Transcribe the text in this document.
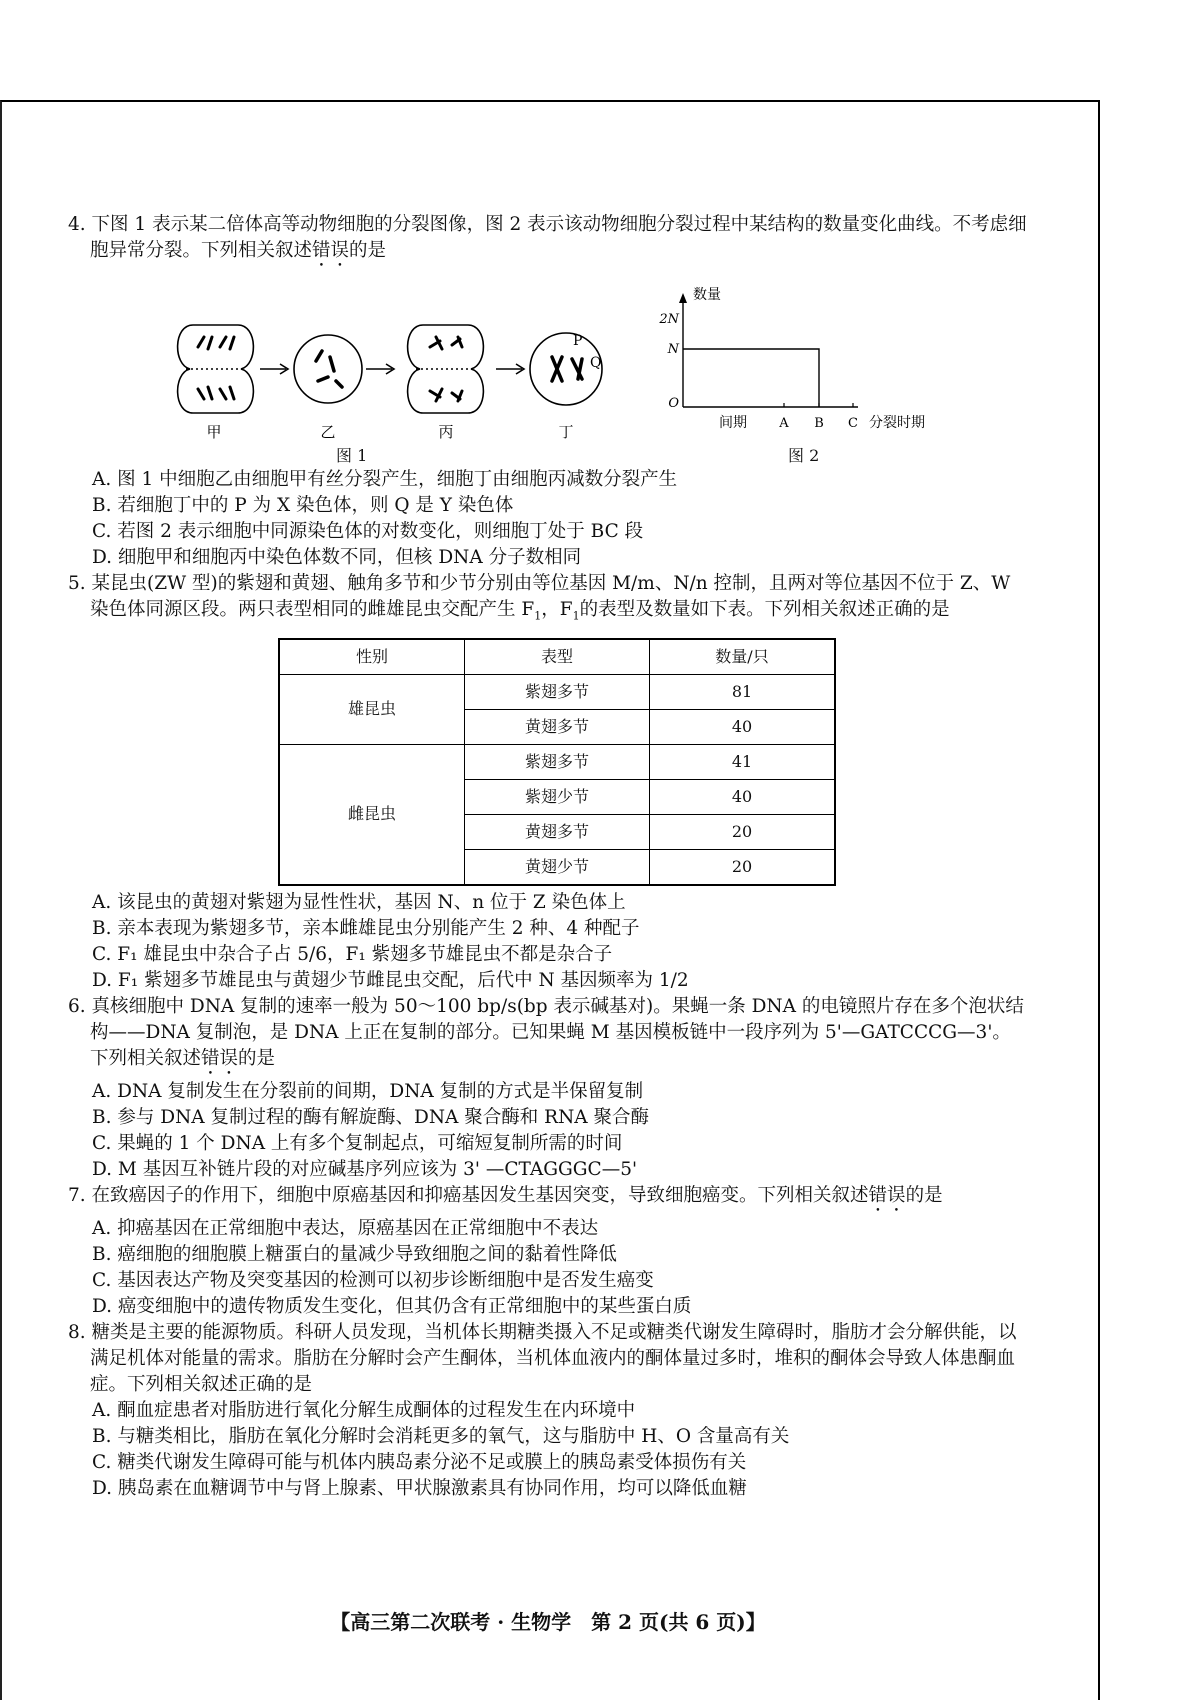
4. 下图 1 表示某二倍体高等动物细胞的分裂图像，图 2 表示该动物细胞分裂过程中某结构的数量变化曲线。不考虑细胞异常分裂。下列相关叙述错误的是
P
Q
甲	乙	丙	丁
图 1
数量
2N
N
O
间期 A B C 分裂时期
图 2
A. 图 1 中细胞乙由细胞甲有丝分裂产生，细胞丁由细胞丙减数分裂产生
B. 若细胞丁中的 P 为 X 染色体，则 Q 是 Y 染色体
C. 若图 2 表示细胞中同源染色体的对数变化，则细胞丁处于 BC 段
D. 细胞甲和细胞丙中染色体数不同，但核 DNA 分子数相同
5. 某昆虫(ZW 型)的紫翅和黄翅、触角多节和少节分别由等位基因 M/m、N/n 控制，且两对等位基因不位于 Z、W 染色体同源区段。两只表型相同的雌雄昆虫交配产生 $F_1$，$F_1$的表型及数量如下表。下列相关叙述正确的是
性别	表型	数量/只
雄昆虫	紫翅多节	81
	黄翅多节	40
雌昆虫	紫翅多节	41
	紫翅少节	40
	黄翅多节	20
	黄翅少节	20
A. 该昆虫的黄翅对紫翅为显性性状，基因 N、n 位于 Z 染色体上
B. 亲本表现为紫翅多节，亲本雌雄昆虫分别能产生 2 种、4 种配子
C. F₁ 雄昆虫中杂合子占 5/6，F₁ 紫翅多节雄昆虫不都是杂合子
D. F₁ 紫翅多节雄昆虫与黄翅少节雌昆虫交配，后代中 N 基因频率为 1/2
6. 真核细胞中 DNA 复制的速率一般为 50～100 bp/s(bp 表示碱基对)。果蝇一条 DNA 的电镜照片存在多个泡状结构——DNA 复制泡，是 DNA 上正在复制的部分。已知果蝇 M 基因模板链中一段序列为 5'—GATCCCG—3'。下列相关叙述错误的是
A. DNA 复制发生在分裂前的间期，DNA 复制的方式是半保留复制
B. 参与 DNA 复制过程的酶有解旋酶、DNA 聚合酶和 RNA 聚合酶
C. 果蝇的 1 个 DNA 上有多个复制起点，可缩短复制所需的时间
D. M 基因互补链片段的对应碱基序列应该为 3' —CTAGGGC—5'
7. 在致癌因子的作用下，细胞中原癌基因和抑癌基因发生基因突变，导致细胞癌变。下列相关叙述错误的是
A. 抑癌基因在正常细胞中表达，原癌基因在正常细胞中不表达
B. 癌细胞的细胞膜上糖蛋白的量减少导致细胞之间的黏着性降低
C. 基因表达产物及突变基因的检测可以初步诊断细胞中是否发生癌变
D. 癌变细胞中的遗传物质发生变化，但其仍含有正常细胞中的某些蛋白质
8. 糖类是主要的能源物质。科研人员发现，当机体长期糖类摄入不足或糖类代谢发生障碍时，脂肪才会分解供能，以满足机体对能量的需求。脂肪在分解时会产生酮体，当机体血液内的酮体量过多时，堆积的酮体会导致人体患酮血症。下列相关叙述正确的是
A. 酮血症患者对脂肪进行氧化分解生成酮体的过程发生在内环境中
B. 与糖类相比，脂肪在氧化分解时会消耗更多的氧气，这与脂肪中 H、O 含量高有关
C. 糖类代谢发生障碍可能与机体内胰岛素分泌不足或膜上的胰岛素受体损伤有关
D. 胰岛素在血糖调节中与肾上腺素、甲状腺激素具有协同作用，均可以降低血糖
【高三第二次联考 · 生物学　第 2 页(共 6 页)】
